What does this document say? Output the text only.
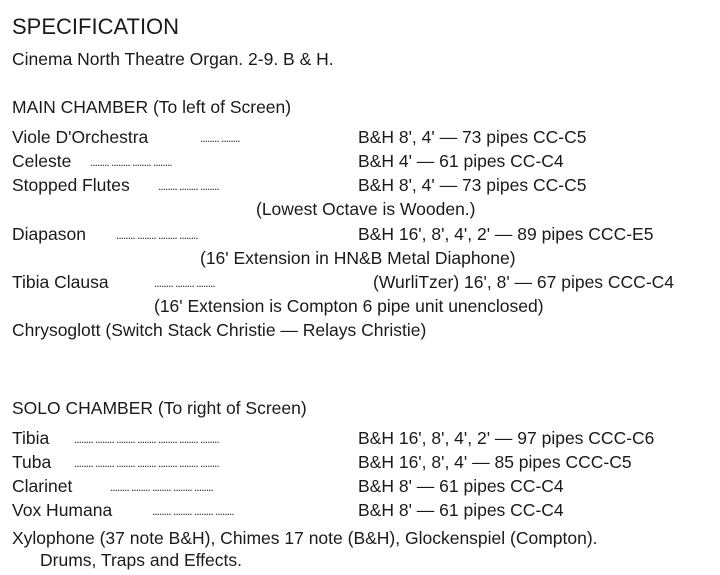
SPECIFICATION
Cinema North Theatre Organ. 2-9. B & H.
MAIN CHAMBER (To left of Screen)
Viole D'Orchestra	........ ........	B&H 8', 4' — 73 pipes CC-C5
Celeste ........ ........ ........ ........	B&H 4' — 61 pipes CC-C4
Stopped Flutes ........ ........ ........	B&H 8', 4' — 73 pipes CC-C5
(Lowest Octave is Wooden.)
Diapason	........ ........ ........ ........	B&H 16', 8', 4', 2' — 89 pipes CCC-E5
(16' Extension in HN&B Metal Diaphone)
Tibia Clausa	........ ........ ........	(WurliTzer) 16', 8' — 67 pipes CCC-C4
(16' Extension is Compton 6 pipe unit unenclosed)
Chrysoglott (Switch Stack Christie — Relays Christie)
SOLO CHAMBER (To right of Screen)
Tibia ........ ........ ........ ........ ........ ........ ........	B&H 16', 8', 4', 2' — 97 pipes CCC-C6
Tuba ........ ........ ........ ........ ........ ........ ........	B&H 16', 8', 4' — 85 pipes CCC-C5
Clarinet	........ ........ ........ ........ ........	B&H 8' — 61 pipes CC-C4
Vox Humana	........ ........ ........ ........	B&H 8' — 61 pipes CC-C4
Xylophone (37 note B&H), Chimes 17 note (B&H), Glockenspiel (Compton).
Drums, Traps and Effects.
